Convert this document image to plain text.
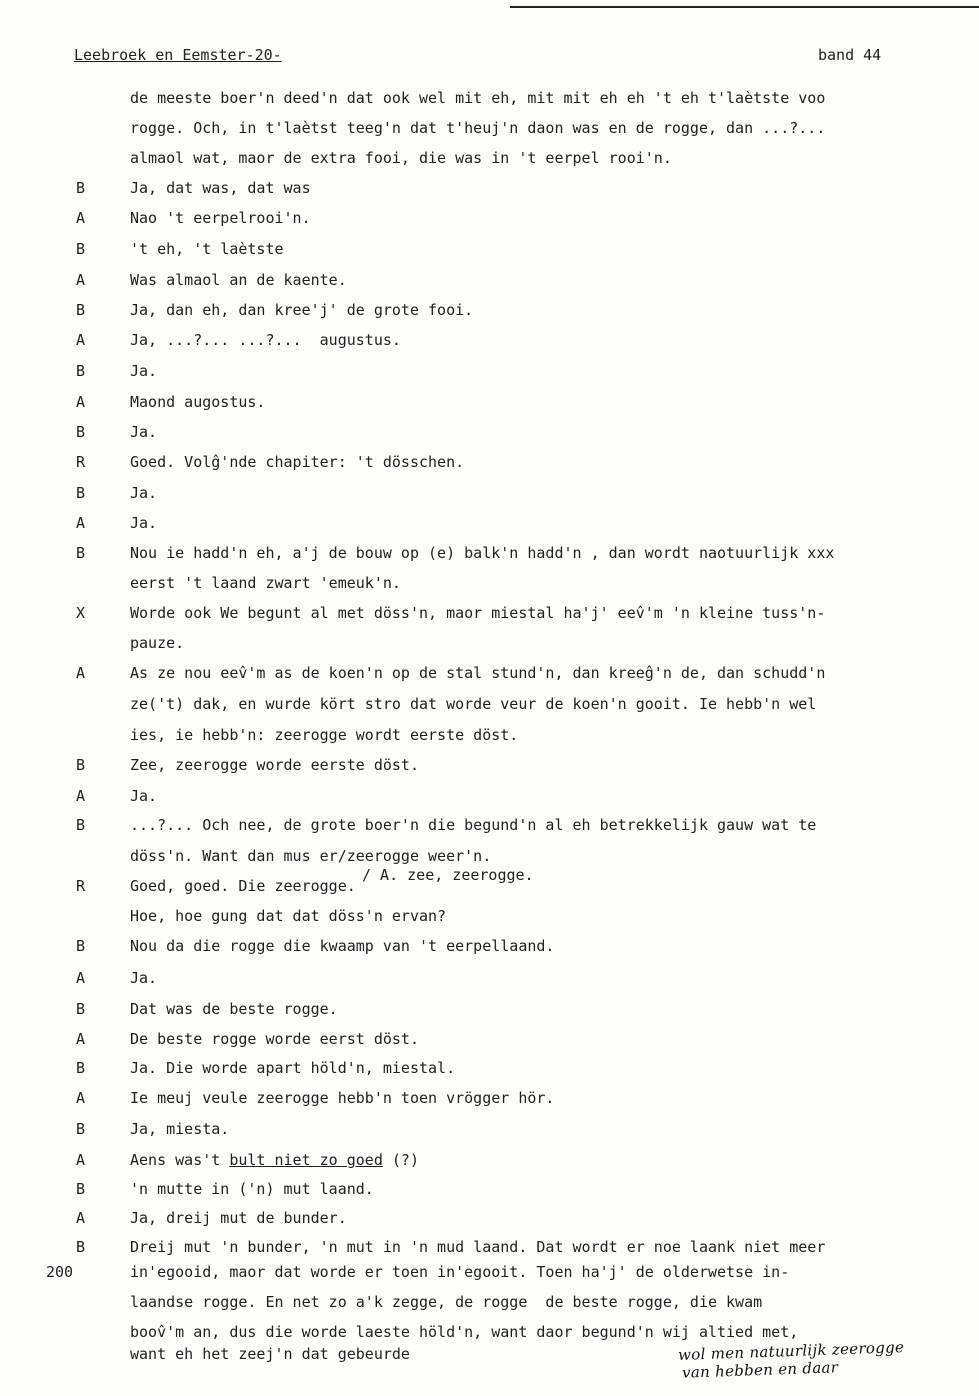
Leebroek en Eemster-20-	band 44
de meeste boer'n deed'n dat ook wel mit eh, mit mit eh eh 't eh t'laètste voo
rogge. Och, in t'laètst teeg'n dat t'heuj'n daon was en de rogge, dan ...?...
almaol wat, maor de extra fooi, die was in 't eerpel rooi'n.
B	Ja, dat was, dat was
A	Nao 't eerpelrooi'n.
B	't eh, 't laètste
A	Was almaol an de kaente.
B	Ja, dan eh, dan kree'j' de grote fooi.
A	Ja, ...?... ...?...  augustus.
B	Ja.
A	Maond augostus.
B	Ja.
R	Goed. Volĝ'nde chapiter: 't dösschen.
B	Ja.
A	Ja.
B	Nou ie hadd'n eh, a'j de bouw op (e) balk'n hadd'n , dan wordt naotuurlijk xxx
eerst 't laand zwart 'emeuk'n.
X	Worde ook We begunt al met döss'n, maor miestal ha'j' eev̂'m 'n kleine tuss'n-
pauze.
A	As ze nou eev̂'m as de koen'n op de stal stund'n, dan kreeĝ'n de, dan schudd'n
ze('t) dak, en wurde kört stro dat worde veur de koen'n gooit. Ie hebb'n wel
ies, ie hebb'n: zeerogge wordt eerste döst.
B	Zee, zeerogge worde eerste döst.
A	Ja.
B	...?... Och nee, de grote boer'n die begund'n al eh betrekkelijk gauw wat te
döss'n. Want dan mus er/zeerogge weer'n.
R	Goed, goed. Die zeerogge.
Hoe, hoe gung dat dat döss'n ervan?
B	Nou da die rogge die kwaamp van 't eerpellaand.
A	Ja.
B	Dat was de beste rogge.
A	De beste rogge worde eerst döst.
B	Ja. Die worde apart höld'n, miestal.
A	Ie meuj veule zeerogge hebb'n toen vrögger hör.
B	Ja, miesta.
A	Aens was't bult niet zo goed (?)
B	'n mutte in ('n) mut laand.
A	Ja, dreij mut de bunder.
B	Dreij mut 'n bunder, 'n mut in 'n mud laand. Dat wordt er noe laank niet meer
200	in'egooid, maor dat worde er toen in'egooit. Toen ha'j' de olderwetse in-
laandse rogge. En net zo a'k zegge, de rogge  de beste rogge, die kwam
boov̂'m an, dus die worde laeste höld'n, want daor begund'n wij altied met,
want eh het zeej'n dat gebeurde
/ A. zee, zeerogge.
wol men natuurlijk zeerogge
van hebben en daar
